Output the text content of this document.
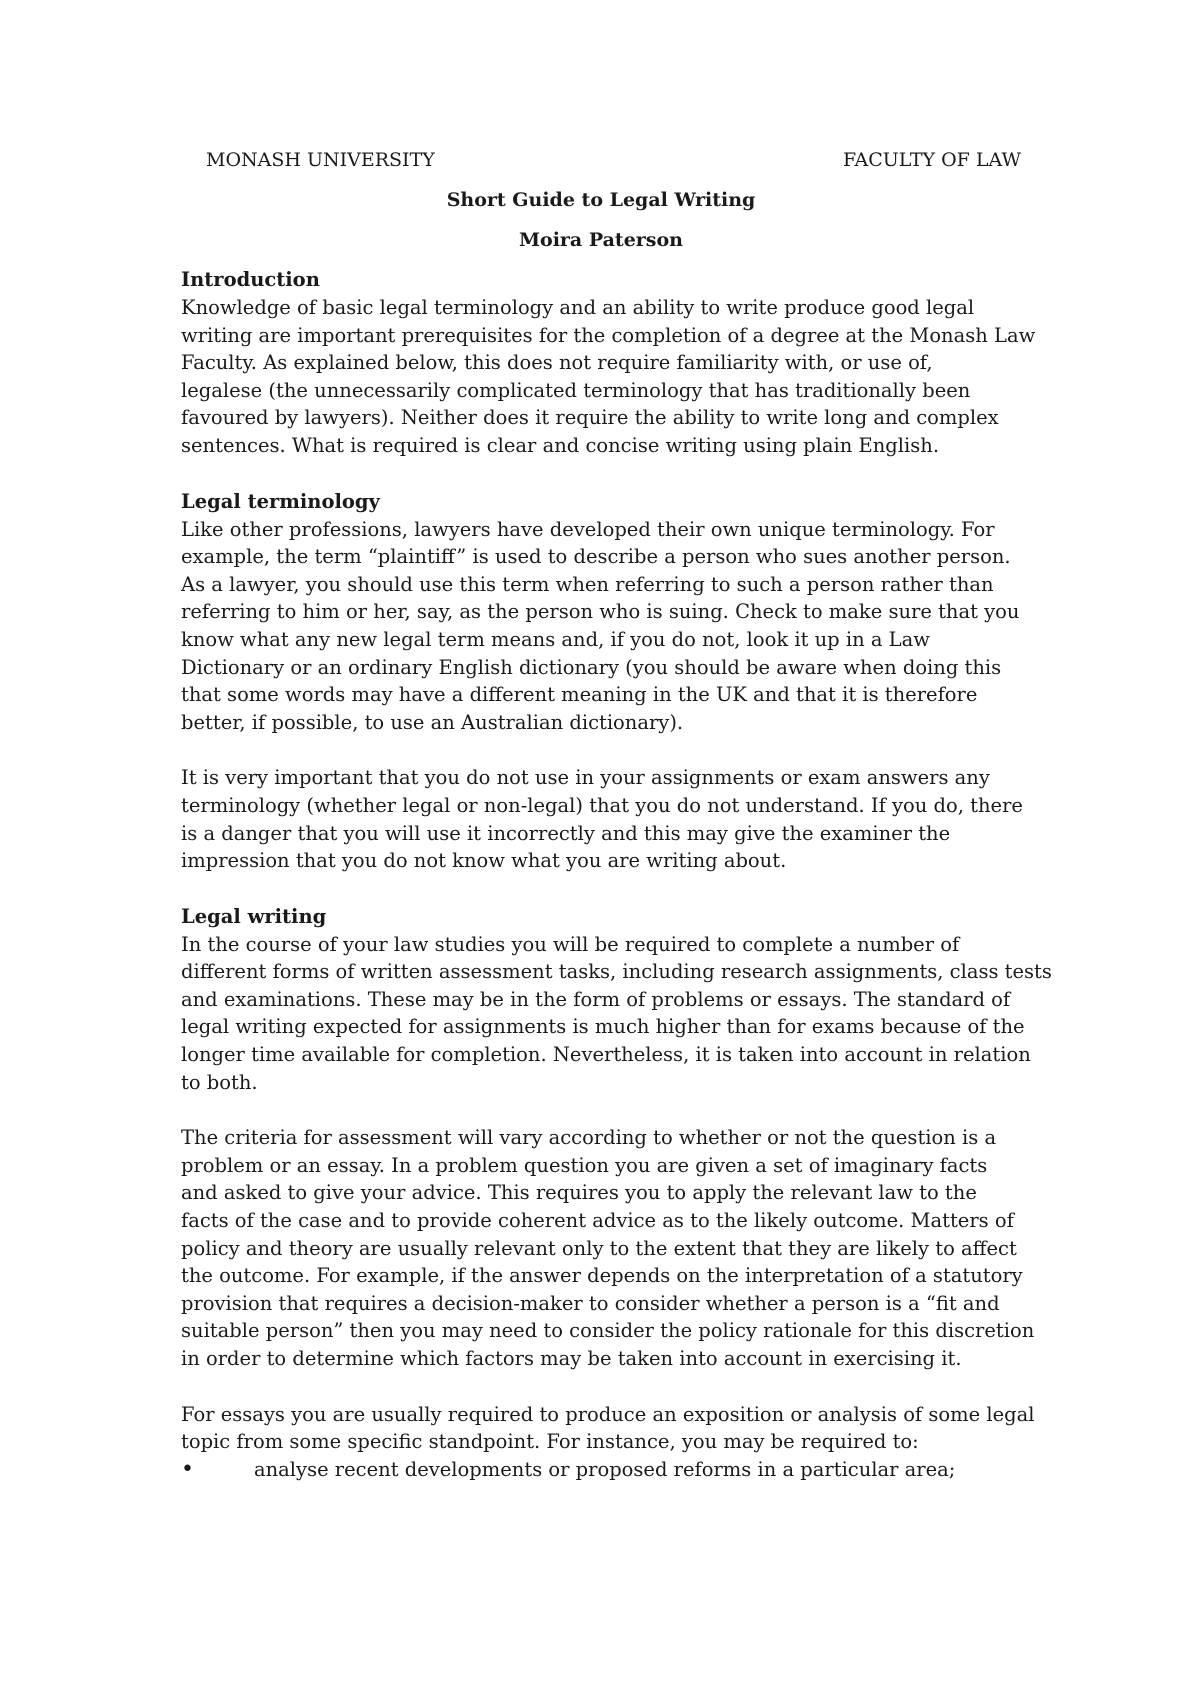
MONASH UNIVERSITY	FACULTY OF LAW
Short Guide to Legal Writing
Moira Paterson
Introduction

Knowledge of basic legal terminology and an ability to write produce good legal
writing are important prerequisites for the completion of a degree at the Monash Law
Faculty. As explained below, this does not require familiarity with, or use of,
legalese (the unnecessarily complicated terminology that has traditionally been
favoured by lawyers). Neither does it require the ability to write long and complex
sentences. What is required is clear and concise writing using plain English.

Legal terminology

Like other professions, lawyers have developed their own unique terminology. For
example, the term “plaintiff” is used to describe a person who sues another person.
As a lawyer, you should use this term when referring to such a person rather than
referring to him or her, say, as the person who is suing. Check to make sure that you
know what any new legal term means and, if you do not, look it up in a Law
Dictionary or an ordinary English dictionary (you should be aware when doing this
that some words may have a different meaning in the UK and that it is therefore
better, if possible, to use an Australian dictionary).

It is very important that you do not use in your assignments or exam answers any
terminology (whether legal or non-legal) that you do not understand. If you do, there
is a danger that you will use it incorrectly and this may give the examiner the
impression that you do not know what you are writing about.

Legal writing

In the course of your law studies you will be required to complete a number of
different forms of written assessment tasks, including research assignments, class tests
and examinations. These may be in the form of problems or essays. The standard of
legal writing expected for assignments is much higher than for exams because of the
longer time available for completion. Nevertheless, it is taken into account in relation
to both.

The criteria for assessment will vary according to whether or not the question is a
problem or an essay. In a problem question you are given a set of imaginary facts
and asked to give your advice. This requires you to apply the relevant law to the
facts of the case and to provide coherent advice as to the likely outcome. Matters of
policy and theory are usually relevant only to the extent that they are likely to affect
the outcome. For example, if the answer depends on the interpretation of a statutory
provision that requires a decision-maker to consider whether a person is a “fit and
suitable person” then you may need to consider the policy rationale for this discretion
in order to determine which factors may be taken into account in exercising it.

For essays you are usually required to produce an exposition or analysis of some legal
topic from some specific standpoint. For instance, you may be required to:

•	analyse recent developments or proposed reforms in a particular area;
